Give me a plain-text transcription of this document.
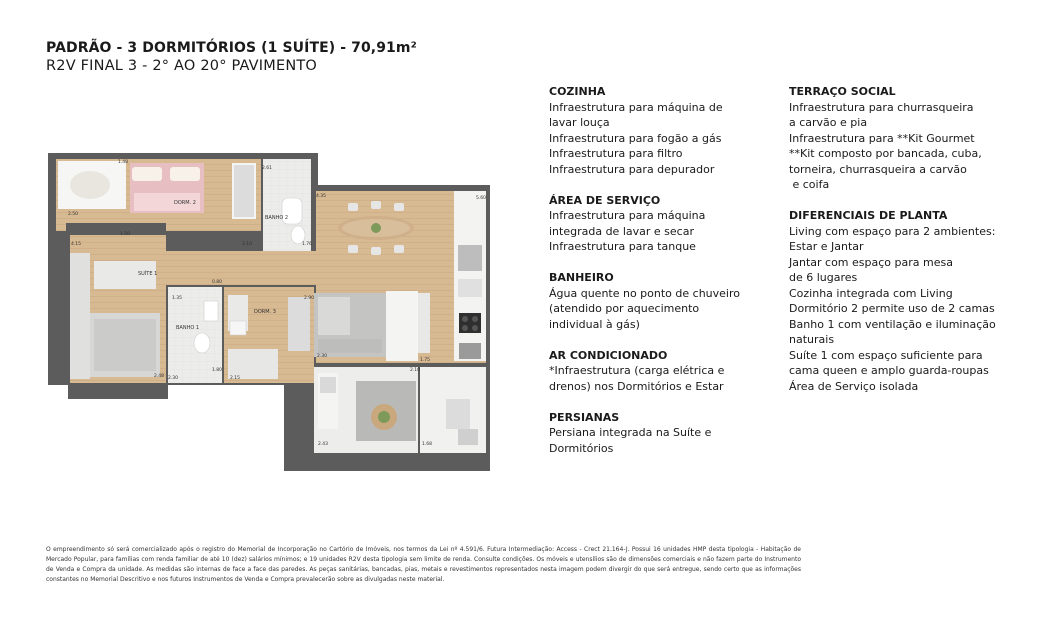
PADRÃO - 3 DORMITÓRIOS (1 SUÍTE) - 70,91m²
R2V FINAL 3 - 2° AO 20° PAVIMENTO
DORM. 2
BANHO 2
SUÍTE 1
BANHO 1
DORM. 3
1.48
2.61
4.35
1.50
1.76
3.10
4.15
0.80
1.35	2.90
1.75
2.48 2.30	2.15
2.30
2.43	1.68
5.60
2.10
2.50
1.80
COZINHA
Infraestrutura para máquina de
lavar louça
Infraestrutura para fogão a gás
Infraestrutura para filtro
Infraestrutura para depurador
ÁREA DE SERVIÇO
Infraestrutura para máquina
integrada de lavar e secar
Infraestrutura para tanque
BANHEIRO
Água quente no ponto de chuveiro
(atendido por aquecimento
individual à gás)
AR CONDICIONADO
*Infraestrutura (carga elétrica e
drenos) nos Dormitórios e Estar
PERSIANAS
Persiana integrada na Suíte e
Dormitórios
TERRAÇO SOCIAL
Infraestrutura para churrasqueira
a carvão e pia
Infraestrutura para **Kit Gourmet
**Kit composto por bancada, cuba,
torneira, churrasqueira a carvão
e coifa
DIFERENCIAIS DE PLANTA
Living com espaço para 2 ambientes:
Estar e Jantar
Jantar com espaço para mesa
de 6 lugares
Cozinha integrada com Living
Dormitório 2 permite uso de 2 camas
Banho 1 com ventilação e iluminação
naturais
Suíte 1 com espaço suficiente para
cama queen e amplo guarda-roupas
Área de Serviço isolada
O empreendimento só será comercializado após o registro do Memorial de Incorporação no Cartório de Imóveis, nos termos da Lei nº 4.591/6. Futura Intermediação: Access - Crect 21.164-J. Possui 16 unidades HMP desta tipologia - Habitação de Mercado Popular, para famílias com renda familiar de até 10 (dez) salários mínimos; e 19 unidades R2V desta tipologia sem limite de renda. Consulte condições. Os móveis e utensílios são de dimensões comerciais e não fazem parte do Instrumento de Venda e Compra da unidade. As medidas são internas de face a face das paredes. As peças sanitárias, bancadas, pias, metais e revestimentos representados nesta imagem podem divergir do que será entregue, sendo certo que as informações constantes no Memorial Descritivo e nos futuros Instrumentos de Venda e Compra prevalecerão sobre as divulgadas neste material.
